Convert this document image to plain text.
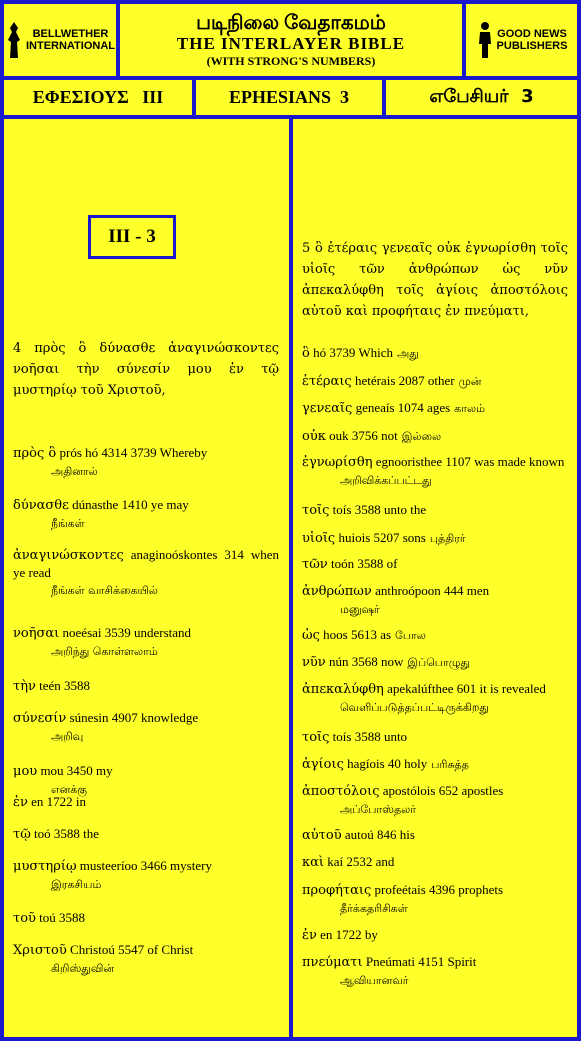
BELLWETHER
INTERNATIONAL
படிநிலை வேதாகமம்
THE INTERLAYER BIBLE
(WITH STRONG'S NUMBERS)
GOOD NEWS
PUBLISHERS
ΕΦΕΣΙΟΥΣ   ΙΙΙ	EPHESIANS  3	எபேசியர்  3
III - 3
4 πρὸς ὃ δύνασθε ἀναγινώσκοντες νοῆσαι τὴν σύνεσίν μου ἐν τῷ μυστηρίῳ τοῦ Χριστοῦ,
πρὸς ὃ prós hó 4314 3739 Whereby
அதினால்
δύνασθε dúnasthe 1410 ye may
நீங்கள்
ἀναγινώσκοντες anaginoóskontes 314 when ye read
நீங்கள் வாசிக்கையில்
νοῆσαι noeésai 3539 understand
அறிந்து கொள்ளலாம்
τὴν teén 3588
σύνεσίν súnesin 4907 knowledge
அறிவு
μου mou 3450 my
எனக்கு
ἐν en 1722 in
τῷ toó 3588 the
μυστηρίῳ musteeríoo 3466 mystery
இரகசியம்
τοῦ toú 3588
Χριστοῦ Christoú 5547 of Christ
கிறிஸ்துவின்
5 ὃ ἑτέραις γενεαῖς οὐκ ἐγνωρίσθη τοῖς υἱοῖς τῶν ἀνθρώπων ὡς νῦν ἀπεκαλύφθη τοῖς ἁγίοις ἀποστόλοις αὐτοῦ καὶ προφήταις ἐν πνεύματι,
ὃ hó 3739 Which அது
ἑτέραις hetérais 2087 other முன்
γενεαῖς geneaís 1074 ages காலம்
οὐκ ouk 3756 not இல்லை
ἐγνωρίσθη egnooristhee 1107 was made known
அறிவிக்கப்பட்டது
τοῖς toís 3588 unto the
υἱοῖς huiois 5207 sons புத்திரர்
τῶν toón 3588 of
ἀνθρώπων anthroópoon 444 men
மனுஷர்
ὡς hoos 5613 as போல
νῦν nún 3568 now இப்பொழுது
ἀπεκαλύφθη apekalúfthee 601 it is revealed
வெளிப்படுத்தப்பட்டிருக்கிறது
τοῖς toís 3588 unto
ἁγίοις hagíois 40 holy பரிசுத்த
ἀποστόλοις apostólois 652 apostles
அப்போஸ்தலர்
αὐτοῦ autoú 846 his
καὶ kaí 2532 and
προφήταις profeétais 4396 prophets
தீர்க்கதரிசிகள்
ἐν en 1722 by
πνεύματι Pneúmati 4151 Spirit
ஆவியானவர்
